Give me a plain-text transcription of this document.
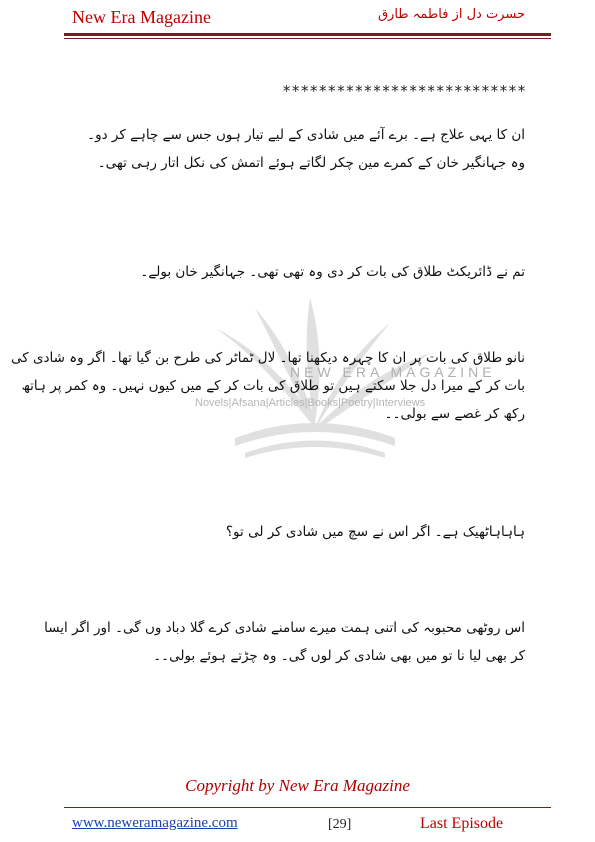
New Era Magazine	حسرت دل از فاطمہ طارق
NEW ERA MAGAZINE
Novels|Afsana|Articles|Books|Poetry|Interviews
***************************
ان کا یہی علاج ہے۔ برے آئے میں شادی کے لیے تیار ہوں جس سے چاہے کر دو۔
وہ جہانگیر خان کے کمرے مین چکر لگاتے ہوئے اتمش کی نکل اتار رہی تھی۔
تم نے ڈائریکٹ طلاق کی بات کر دی وہ تھی تھی۔ جہانگیر خان بولے۔
نانو طلاق کی بات پر ان کا چہرہ دیکھنا تھا۔ لال ٹماٹر کی طرح بن گیا تھا۔ اگر وہ شادی کی
بات کر کے میرا دل جلا سکتے ہیں تو طلاق کی بات کر کے میں کیوں نہیں۔ وہ کمر پر ہاتھ
رکھ کر غصے سے بولی۔۔
ہاہاہاٹھیک ہے۔ اگر اس نے سچ میں شادی کر لی تو؟
اس روٹھی محبوبہ کی اتنی ہمت میرے سامنے شادی کرے گلا دباد وں گی۔ اور اگر ایسا
کر بھی لیا نا تو میں بھی شادی کر لوں گی۔ وہ چڑتے ہوئے بولی۔۔
Copyright by New Era Magazine
www.neweramagazine.com	[29]	Last Episode
